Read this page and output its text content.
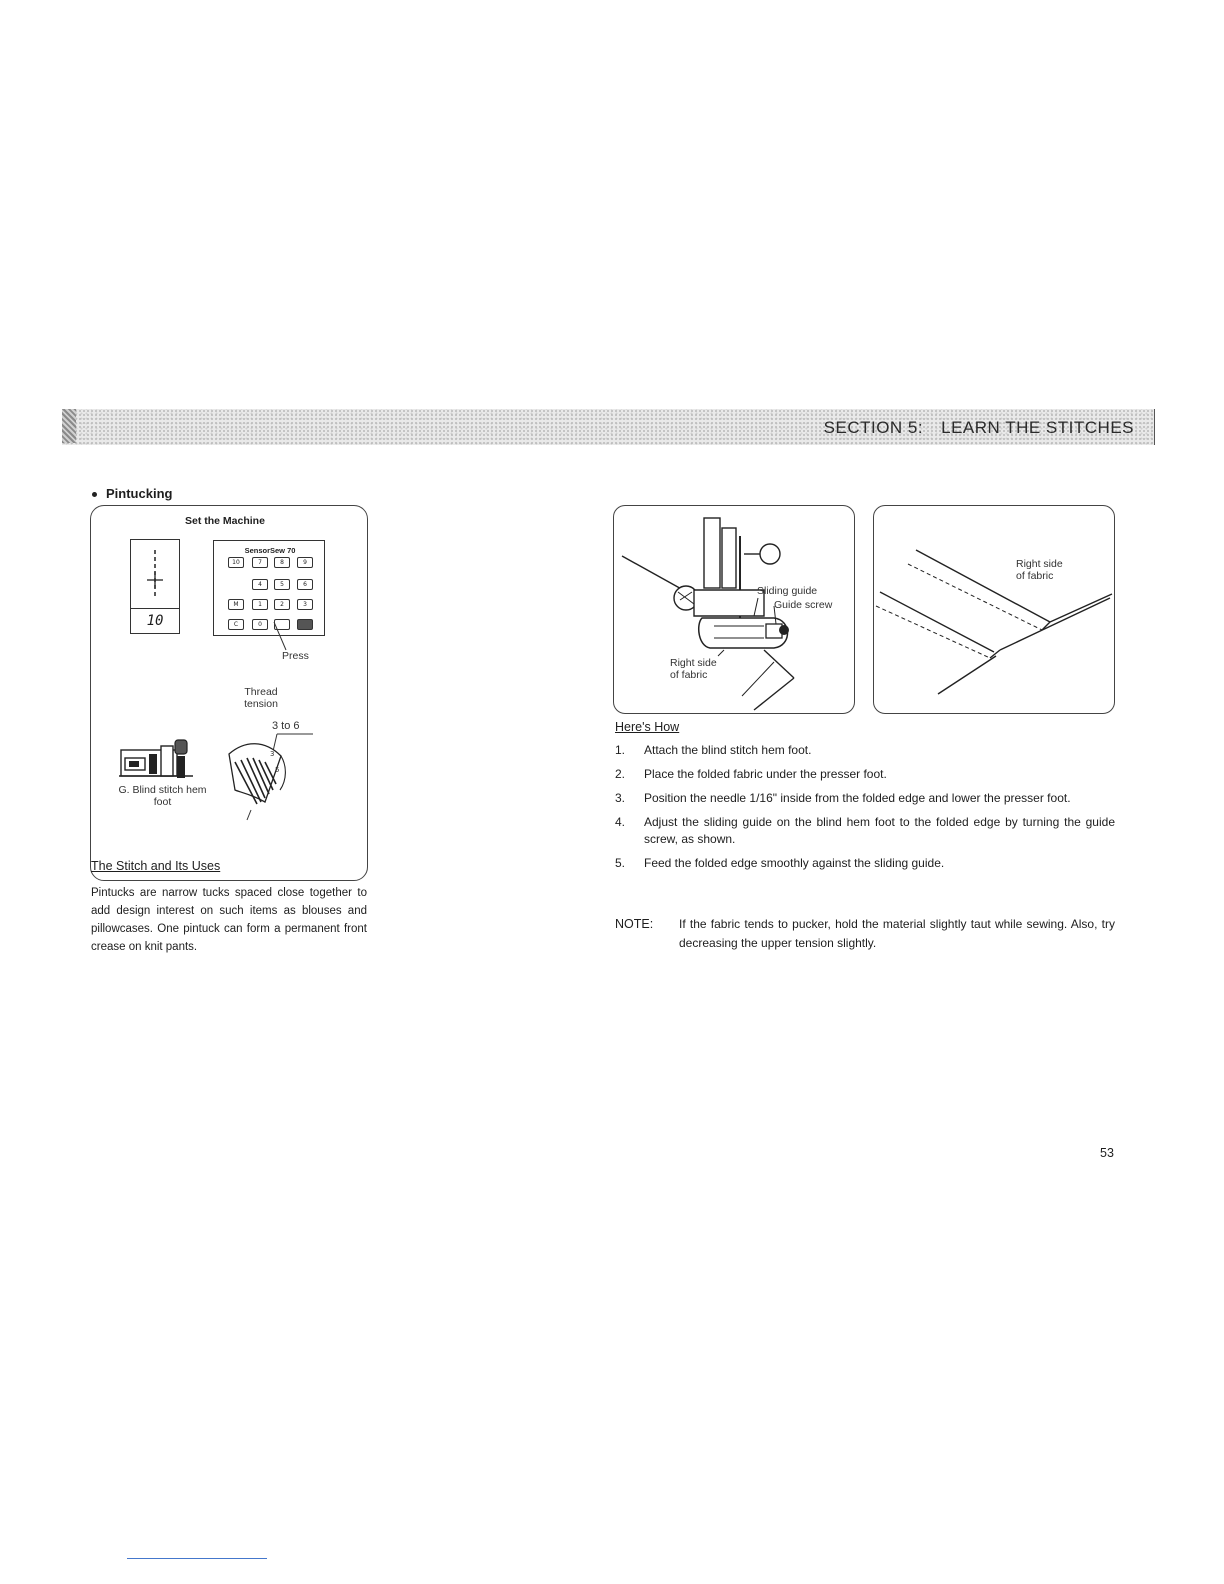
SECTION 5: LEARN THE STITCHES
Pintucking
Set the Machine
10
SensorSew 70
10	7	8	9
4	5	6
M	1	2	3
C	0
Press
Thread tension
3 to 6
3
5
G. Blind stitch hem foot
The Stitch and Its Uses
Pintucks are narrow tucks spaced close together to add design interest on such items as blouses and pillowcases. One pintuck can form a permanent front crease on knit pants.
Sliding guide
Guide screw
Right side
of fabric
Right side
of fabric
Here's How
1.	Attach the blind stitch hem foot.
2.	Place the folded fabric under the presser foot.
3.	Position the needle 1/16" inside from the folded edge and lower the presser foot.
4.	Adjust the sliding guide on the blind hem foot to the folded edge by turning the guide screw, as shown.
5.	Feed the folded edge smoothly against the sliding guide.
NOTE:	If the fabric tends to pucker, hold the material slightly taut while sewing. Also, try decreasing the upper tension slightly.
53
